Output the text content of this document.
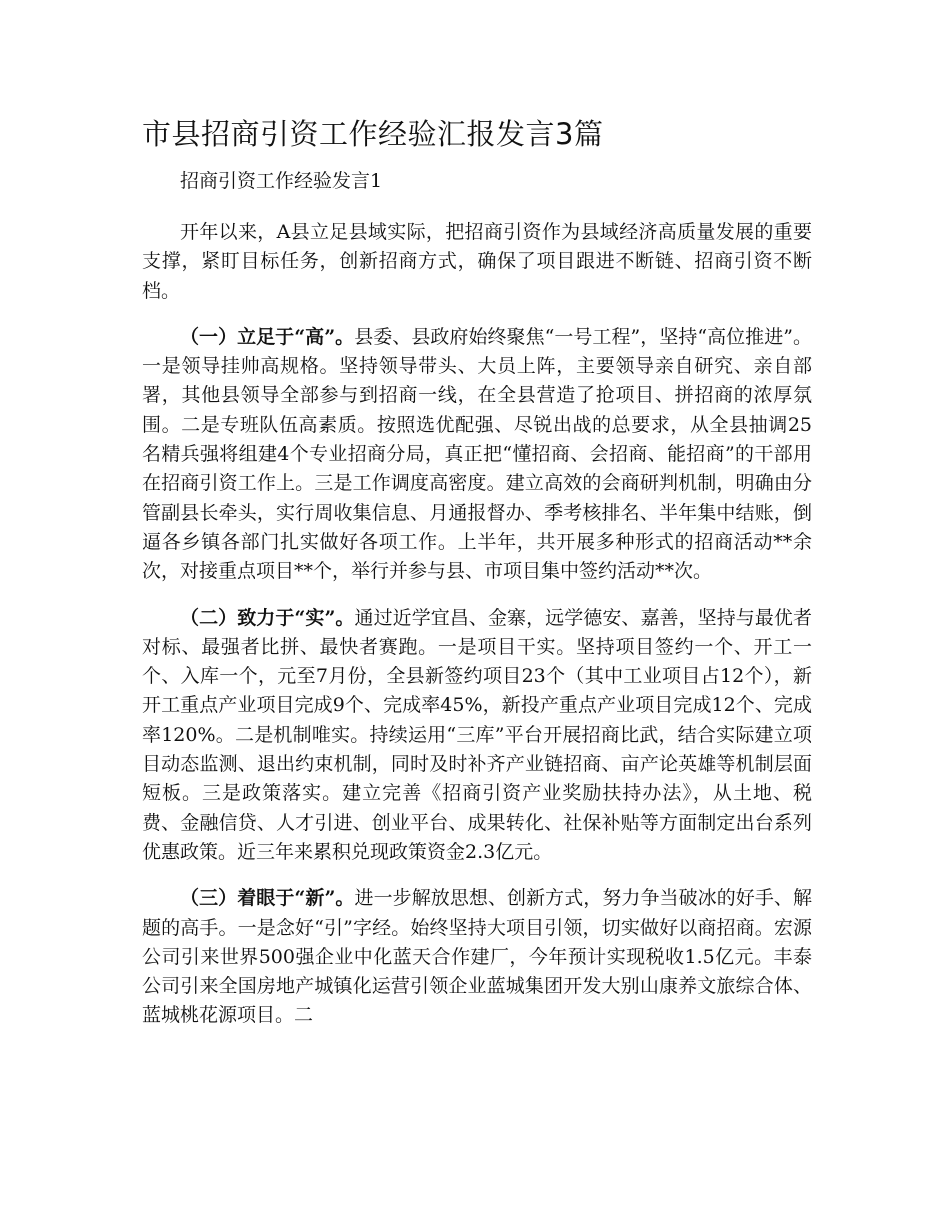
市县招商引资工作经验汇报发言3篇
招商引资工作经验发言1

开年以来，A县立足县域实际，把招商引资作为县域经济高质量发展的重要支撑，紧盯目标任务，创新招商方式，确保了项目跟进不断链、招商引资不断档。

（一）立足于“高”。县委、县政府始终聚焦“一号工程”，坚持“高位推进”。一是领导挂帅高规格。坚持领导带头、大员上阵，主要领导亲自研究、亲自部署，其他县领导全部参与到招商一线，在全县营造了抢项目、拼招商的浓厚氛围。二是专班队伍高素质。按照选优配强、尽锐出战的总要求，从全县抽调25名精兵强将组建4个专业招商分局，真正把“懂招商、会招商、能招商”的干部用在招商引资工作上。三是工作调度高密度。建立高效的会商研判机制，明确由分管副县长牵头，实行周收集信息、月通报督办、季考核排名、半年集中结账，倒逼各乡镇各部门扎实做好各项工作。上半年，共开展多种形式的招商活动**余次，对接重点项目**个，举行并参与县、市项目集中签约活动**次。

（二）致力于“实”。通过近学宜昌、金寨，远学德安、嘉善，坚持与最优者对标、最强者比拼、最快者赛跑。一是项目干实。坚持项目签约一个、开工一个、入库一个，元至7月份，全县新签约项目23个（其中工业项目占12个），新开工重点产业项目完成9个、完成率45%，新投产重点产业项目完成12个、完成率120%。二是机制唯实。持续运用“三库”平台开展招商比武，结合实际建立项目动态监测、退出约束机制，同时及时补齐产业链招商、亩产论英雄等机制层面短板。三是政策落实。建立完善《招商引资产业奖励扶持办法》，从土地、税费、金融信贷、人才引进、创业平台、成果转化、社保补贴等方面制定出台系列优惠政策。近三年来累积兑现政策资金2.3亿元。

（三）着眼于“新”。进一步解放思想、创新方式，努力争当破冰的好手、解题的高手。一是念好“引”字经。始终坚持大项目引领，切实做好以商招商。宏源公司引来世界500强企业中化蓝天合作建厂，今年预计实现税收1.5亿元。丰泰公司引来全国房地产城镇化运营引领企业蓝城集团开发大别山康养文旅综合体、蓝城桃花源项目。二
